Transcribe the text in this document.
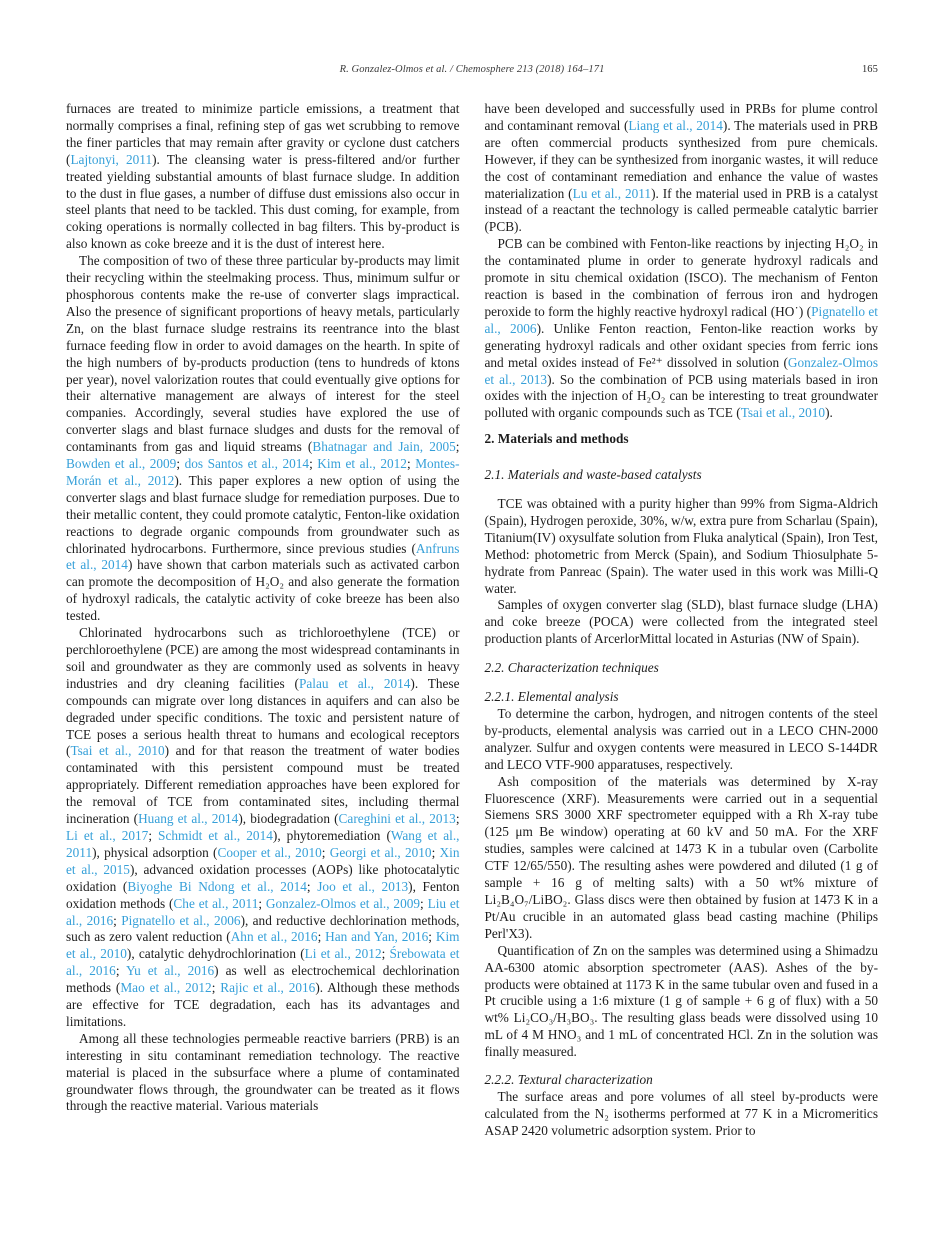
R. Gonzalez-Olmos et al. / Chemosphere 213 (2018) 164–171	165

furnaces are treated to minimize particle emissions, a treatment that normally comprises a final, refining step of gas wet scrubbing to remove the finer particles that may remain after gravity or cyclone dust catchers (Lajtonyi, 2011). The cleansing water is press-filtered and/or further treated yielding substantial amounts of blast furnace sludge. In addition to the dust in flue gases, a number of diffuse dust emissions also occur in steel plants that need to be tackled. This dust coming, for example, from coking operations is normally collected in bag filters. This by-product is also known as coke breeze and it is the dust of interest here.

The composition of two of these three particular by-products may limit their recycling within the steelmaking process. Thus, minimum sulfur or phosphorous contents make the re-use of converter slags impractical. Also the presence of significant proportions of heavy metals, particularly Zn, on the blast furnace sludge restrains its reentrance into the blast furnace feeding flow in order to avoid damages on the hearth. In spite of the high numbers of by-products production (tens to hundreds of ktons per year), novel valorization routes that could eventually give options for their alternative management are always of interest for the steel companies. Accordingly, several studies have explored the use of converter slags and blast furnace sludges and dusts for the removal of contaminants from gas and liquid streams (Bhatnagar and Jain, 2005; Bowden et al., 2009; dos Santos et al., 2014; Kim et al., 2012; Montes-Morán et al., 2012). This paper explores a new option of using the converter slags and blast furnace sludge for remediation purposes. Due to their metallic content, they could promote catalytic, Fenton-like oxidation reactions to degrade organic compounds from groundwater such as chlorinated hydrocarbons. Furthermore, since previous studies (Anfruns et al., 2014) have shown that carbon materials such as activated carbon can promote the decomposition of H₂O₂ and also generate the formation of hydroxyl radicals, the catalytic activity of coke breeze has been also tested.

Chlorinated hydrocarbons such as trichloroethylene (TCE) or perchloroethylene (PCE) are among the most widespread contaminants in soil and groundwater as they are commonly used as solvents in heavy industries and dry cleaning facilities (Palau et al., 2014). These compounds can migrate over long distances in aquifers and can also be degraded under specific conditions. The toxic and persistent nature of TCE poses a serious health threat to humans and ecological receptors (Tsai et al., 2010) and for that reason the treatment of water bodies contaminated with this persistent compound must be treated appropriately. Different remediation approaches have been explored for the removal of TCE from contaminated sites, including thermal incineration (Huang et al., 2014), biodegradation (Careghini et al., 2013; Li et al., 2017; Schmidt et al., 2014), phytoremediation (Wang et al., 2011), physical adsorption (Cooper et al., 2010; Georgi et al., 2010; Xin et al., 2015), advanced oxidation processes (AOPs) like photocatalytic oxidation (Biyoghe Bi Ndong et al., 2014; Joo et al., 2013), Fenton oxidation methods (Che et al., 2011; Gonzalez-Olmos et al., 2009; Liu et al., 2016; Pignatello et al., 2006), and reductive dechlorination methods, such as zero valent reduction (Ahn et al., 2016; Han and Yan, 2016; Kim et al., 2010), catalytic dehydrochlorination (Li et al., 2012; Śrebowata et al., 2016; Yu et al., 2016) as well as electrochemical dechlorination methods (Mao et al., 2012; Rajic et al., 2016). Although these methods are effective for TCE degradation, each has its advantages and limitations.

Among all these technologies permeable reactive barriers (PRB) is an interesting in situ contaminant remediation technology. The reactive material is placed in the subsurface where a plume of contaminated groundwater flows through, the groundwater can be treated as it flows through the reactive material. Various materials

have been developed and successfully used in PRBs for plume control and contaminant removal (Liang et al., 2014). The materials used in PRB are often commercial products synthesized from pure chemicals. However, if they can be synthesized from inorganic wastes, it will reduce the cost of contaminant remediation and enhance the value of wastes materialization (Lu et al., 2011). If the material used in PRB is a catalyst instead of a reactant the technology is called permeable catalytic barrier (PCB).

PCB can be combined with Fenton-like reactions by injecting H₂O₂ in the contaminated plume in order to generate hydroxyl radicals and promote in situ chemical oxidation (ISCO). The mechanism of Fenton reaction is based in the combination of ferrous iron and hydrogen peroxide to form the highly reactive hydroxyl radical (HO˙) (Pignatello et al., 2006). Unlike Fenton reaction, Fenton-like reaction works by generating hydroxyl radicals and other oxidant species from ferric ions and metal oxides instead of Fe²⁺ dissolved in solution (Gonzalez-Olmos et al., 2013). So the combination of PCB using materials based in iron oxides with the injection of H₂O₂ can be interesting to treat groundwater polluted with organic compounds such as TCE (Tsai et al., 2010).

2. Materials and methods
2.1. Materials and waste-based catalysts

TCE was obtained with a purity higher than 99% from Sigma-Aldrich (Spain), Hydrogen peroxide, 30%, w/w, extra pure from Scharlau (Spain), Titanium(IV) oxysulfate solution from Fluka analytical (Spain), Iron Test, Method: photometric from Merck (Spain), and Sodium Thiosulphate 5-hydrate from Panreac (Spain). The water used in this work was Milli-Q water.

Samples of oxygen converter slag (SLD), blast furnace sludge (LHA) and coke breeze (POCA) were collected from the integrated steel production plants of ArcerlorMittal located in Asturias (NW of Spain).

2.2. Characterization techniques
2.2.1. Elemental analysis

To determine the carbon, hydrogen, and nitrogen contents of the steel by-products, elemental analysis was carried out in a LECO CHN-2000 analyzer. Sulfur and oxygen contents were measured in LECO S-144DR and LECO VTF-900 apparatuses, respectively.

Ash composition of the materials was determined by X-ray Fluorescence (XRF). Measurements were carried out in a sequential Siemens SRS 3000 XRF spectrometer equipped with a Rh X-ray tube (125 μm Be window) operating at 60 kV and 50 mA. For the XRF studies, samples were calcined at 1473 K in a tubular oven (Carbolite CTF 12/65/550). The resulting ashes were powdered and diluted (1 g of sample + 16 g of melting salts) with a 50 wt% mixture of Li₂B₄O₇/LiBO₂. Glass discs were then obtained by fusion at 1473 K in a Pt/Au crucible in an automated glass bead casting machine (Philips Perl'X3).

Quantification of Zn on the samples was determined using a Shimadzu AA-6300 atomic absorption spectrometer (AAS). Ashes of the by-products were obtained at 1173 K in the same tubular oven and fused in a Pt crucible using a 1:6 mixture (1 g of sample + 6 g of flux) with a 50 wt% Li₂CO₃/H₃BO₃. The resulting glass beads were dissolved using 10 mL of 4 M HNO₃ and 1 mL of concentrated HCl. Zn in the solution was finally measured.

2.2.2. Textural characterization

The surface areas and pore volumes of all steel by-products were calculated from the N₂ isotherms performed at 77 K in a Micromeritics ASAP 2420 volumetric adsorption system. Prior to
